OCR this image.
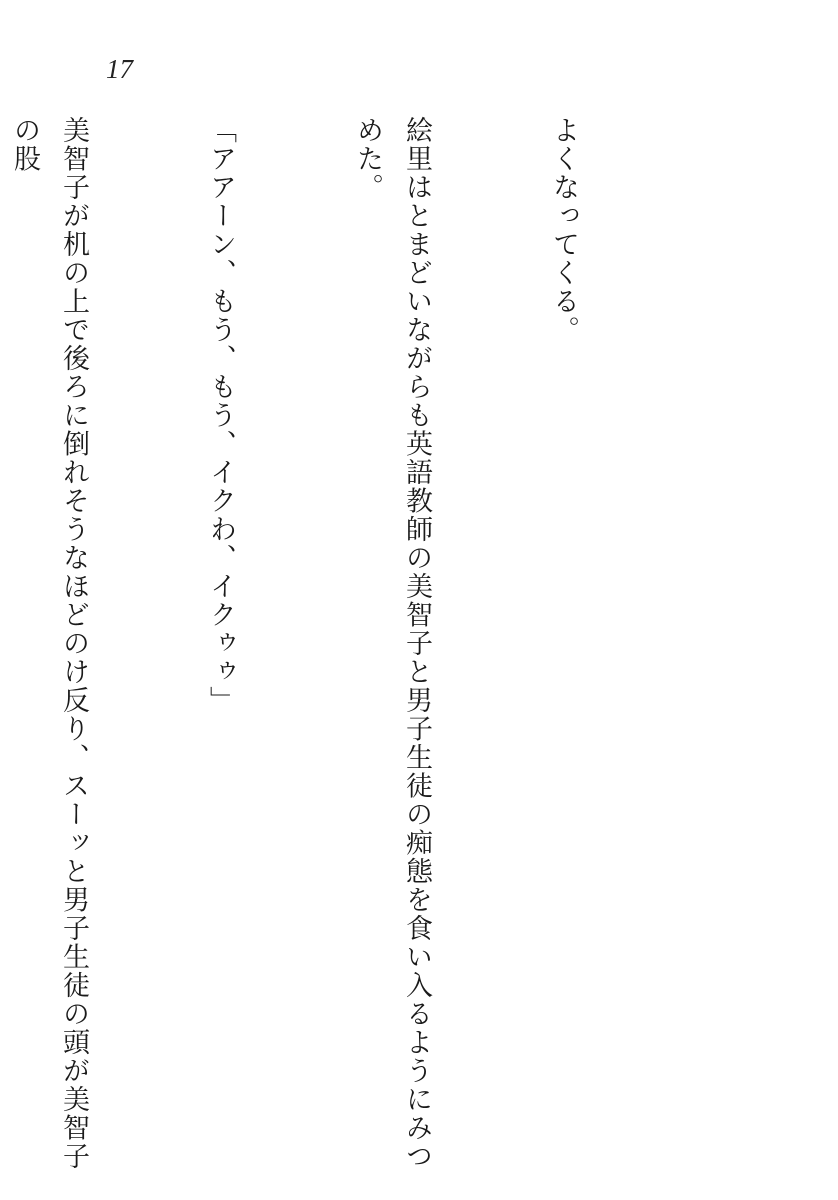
17

よくなってくる。

絵里はとまどいながらも英語教師の美智子と男子生徒の痴態を食い入るようにみつめた。

「アアーン、もう、もう、イクわ、イクゥゥ」

美智子が机の上で後ろに倒れそうなほどのけ反り、スーッと男子生徒の頭が美智子の股
